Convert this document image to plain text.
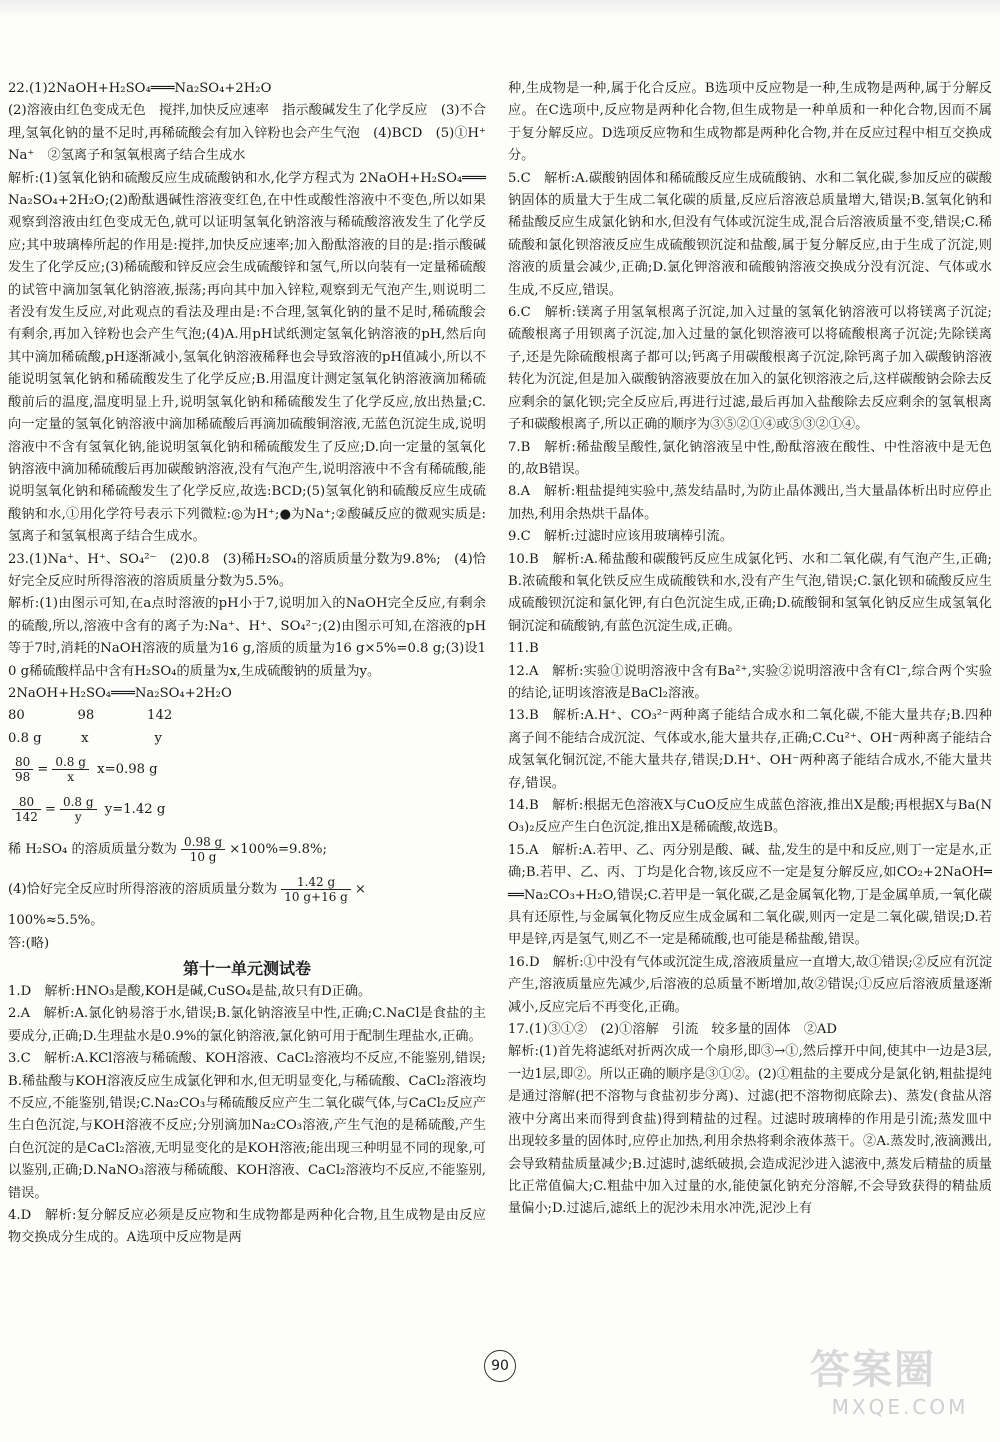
22.(1)2NaOH+H₂SO₄═══Na₂SO₄+2H₂O

(2)溶液由红色变成无色　搅拌,加快反应速率　指示酸碱发生了化学反应　(3)不合理,氢氧化钠的量不足时,再稀硫酸会有加入锌粉也会产生气泡　(4)BCD　(5)①H⁺　Na⁺　②氢离子和氢氧根离子结合生成水

解析:(1)氢氧化钠和硫酸反应生成硫酸钠和水,化学方程式为 2NaOH+H₂SO₄═══Na₂SO₄+2H₂O;(2)酚酞遇碱性溶液变红色,在中性或酸性溶液中不变色,所以如果观察到溶液由红色变成无色,就可以证明氢氧化钠溶液与稀硫酸溶液发生了化学反应;其中玻璃棒所起的作用是:搅拌,加快反应速率;加入酚酞溶液的目的是:指示酸碱发生了化学反应;(3)稀硫酸和锌反应会生成硫酸锌和氢气,所以向装有一定量稀硫酸的试管中滴加氢氧化钠溶液,振荡;再向其中加入锌粒,观察到无气泡产生,则说明二者没有发生反应,对此观点的看法及理由是:不合理,氢氧化钠的量不足时,稀硫酸会有剩余,再加入锌粉也会产生气泡;(4)A.用pH试纸测定氢氧化钠溶液的pH,然后向其中滴加稀硫酸,pH逐渐减小,氢氧化钠溶液稀释也会导致溶液的pH值减小,所以不能说明氢氧化钠和稀硫酸发生了化学反应;B.用温度计测定氢氧化钠溶液滴加稀硫酸前后的温度,温度明显上升,说明氢氧化钠和稀硫酸发生了化学反应,放出热量;C.向一定量的氢氧化钠溶液中滴加稀硫酸后再滴加硫酸铜溶液,无蓝色沉淀生成,说明溶液中不含有氢氧化钠,能说明氢氧化钠和稀硫酸发生了反应;D.向一定量的氢氧化钠溶液中滴加稀硫酸后再加碳酸钠溶液,没有气泡产生,说明溶液中不含有稀硫酸,能说明氢氧化钠和稀硫酸发生了化学反应,故选:BCD;(5)氢氧化钠和硫酸反应生成硫酸钠和水,①用化学符号表示下列微粒:◎为H⁺;●为Na⁺;②酸碱反应的微观实质是:氢离子和氢氧根离子结合生成水。

23.(1)Na⁺、H⁺、SO₄²⁻　(2)0.8　(3)稀H₂SO₄的溶质质量分数为9.8%;　(4)恰好完全反应时所得溶液的溶质质量分数为5.5%。

解析:(1)由图示可知,在a点时溶液的pH小于7,说明加入的NaOH完全反应,有剩余的硫酸,所以,溶液中含有的离子为:Na⁺、H⁺、SO₄²⁻;(2)由图示可知,在溶液的pH等于7时,消耗的NaOH溶液的质量为16 g,溶质的质量为16 g×5%=0.8 g;(3)设10 g稀硫酸样品中含有H₂SO₄的质量为x,生成硫酸钠的质量为y。

2NaOH+H₂SO₄═══Na₂SO₄+2H₂O
80　　　　98　　　　142
0.8 g　　　x　　　　　y
$\frac{80}{98} = \frac{0.8 g}{x} x=0.98$ g
$\frac{80}{142} = \frac{0.8 g}{y} y=1.42$ g
稀 H₂SO₄ 的溶质质量分数为 $\frac{0.98 g}{10 g} \times 100\%=9.8\%$;
(4)恰好完全反应时所得溶液的溶质质量分数为 $\frac{1.42 g}{10 g+16 g}$ ×
100%≈5.5%。
答:(略)
第十一单元测试卷

1.D　解析:HNO₃是酸,KOH是碱,CuSO₄是盐,故只有D正确。

2.A　解析:A.氯化钠易溶于水,错误;B.氯化钠溶液呈中性,正确;C.NaCl是食盐的主要成分,正确;D.生理盐水是0.9%的氯化钠溶液,氯化钠可用于配制生理盐水,正确。

3.C　解析:A.KCl溶液与稀硫酸、KOH溶液、CaCl₂溶液均不反应,不能鉴别,错误;B.稀盐酸与KOH溶液反应生成氯化钾和水,但无明显变化,与稀硫酸、CaCl₂溶液均不反应,不能鉴别,错误;C.Na₂CO₃与稀硫酸反应产生二氧化碳气体,与CaCl₂反应产生白色沉淀,与KOH溶液不反应;分别滴加Na₂CO₃溶液,产生气泡的是稀硫酸,产生白色沉淀的是CaCl₂溶液,无明显变化的是KOH溶液;能出现三种明显不同的现象,可以鉴别,正确;D.NaNO₃溶液与稀硫酸、KOH溶液、CaCl₂溶液均不反应,不能鉴别,错误。

4.D　解析:复分解反应必须是反应物和生成物都是两种化合物,且生成物是由反应物交换成分生成的。A选项中反应物是两

种,生成物是一种,属于化合反应。B选项中反应物是一种,生成物是两种,属于分解反应。在C选项中,反应物是两种化合物,但生成物是一种单质和一种化合物,因而不属于复分解反应。D选项反应物和生成物都是两种化合物,并在反应过程中相互交换成分。

5.C　解析:A.碳酸钠固体和稀硫酸反应生成硫酸钠、水和二氧化碳,参加反应的碳酸钠固体的质量大于生成二氧化碳的质量,反应后溶液总质量增大,错误;B.氢氧化钠和稀盐酸反应生成氯化钠和水,但没有气体或沉淀生成,混合后溶液质量不变,错误;C.稀硫酸和氯化钡溶液反应生成硫酸钡沉淀和盐酸,属于复分解反应,由于生成了沉淀,则溶液的质量会减少,正确;D.氯化钾溶液和硫酸钠溶液交换成分没有沉淀、气体或水生成,不反应,错误。

6.C　解析:镁离子用氢氧根离子沉淀,加入过量的氢氧化钠溶液可以将镁离子沉淀;硫酸根离子用钡离子沉淀,加入过量的氯化钡溶液可以将硫酸根离子沉淀;先除镁离子,还是先除硫酸根离子都可以;钙离子用碳酸根离子沉淀,除钙离子加入碳酸钠溶液转化为沉淀,但是加入碳酸钠溶液要放在加入的氯化钡溶液之后,这样碳酸钠会除去反应剩余的氯化钡;完全反应后,再进行过滤,最后再加入盐酸除去反应剩余的氢氧根离子和碳酸根离子,所以正确的顺序为③⑤②①④或⑤③②①④。

7.B　解析:稀盐酸呈酸性,氯化钠溶液呈中性,酚酞溶液在酸性、中性溶液中是无色的,故B错误。

8.A　解析:粗盐提纯实验中,蒸发结晶时,为防止晶体溅出,当大量晶体析出时应停止加热,利用余热烘干晶体。

9.C　解析:过滤时应该用玻璃棒引流。

10.B　解析:A.稀盐酸和碳酸钙反应生成氯化钙、水和二氧化碳,有气泡产生,正确;B.浓硫酸和氧化铁反应生成硫酸铁和水,没有产生气泡,错误;C.氯化钡和硫酸反应生成硫酸钡沉淀和氯化钾,有白色沉淀生成,正确;D.硫酸铜和氢氧化钠反应生成氢氧化铜沉淀和硫酸钠,有蓝色沉淀生成,正确。

11.B

12.A　解析:实验①说明溶液中含有Ba²⁺,实验②说明溶液中含有Cl⁻,综合两个实验的结论,证明该溶液是BaCl₂溶液。

13.B　解析:A.H⁺、CO₃²⁻两种离子能结合成水和二氧化碳,不能大量共存;B.四种离子间不能结合成沉淀、气体或水,能大量共存,正确;C.Cu²⁺、OH⁻两种离子能结合成氢氧化铜沉淀,不能大量共存,错误;D.H⁺、OH⁻两种离子能结合成水,不能大量共存,错误。

14.B　解析:根据无色溶液X与CuO反应生成蓝色溶液,推出X是酸;再根据X与Ba(NO₃)₂反应产生白色沉淀,推出X是稀硫酸,故选B。

15.A　解析:A.若甲、乙、丙分别是酸、碱、盐,发生的是中和反应,则丁一定是水,正确;B.若甲、乙、丙、丁均是化合物,该反应不一定是复分解反应,如CO₂+2NaOH═══Na₂CO₃+H₂O,错误;C.若甲是一氧化碳,乙是金属氧化物,丁是金属单质,一氧化碳具有还原性,与金属氧化物反应生成金属和二氧化碳,则丙一定是二氧化碳,错误;D.若甲是锌,丙是氢气,则乙不一定是稀硫酸,也可能是稀盐酸,错误。

16.D　解析:①中没有气体或沉淀生成,溶液质量应一直增大,故①错误;②反应有沉淀产生,溶液质量应先减少,后溶液的总质量不断增加,故②错误;①反应后溶液质量逐渐减小,反应完后不再变化,正确。

17.(1)③①②　(2)①溶解　引流　较多量的固体　②AD

解析:(1)首先将滤纸对折两次成一个扇形,即③→①,然后撑开中间,使其中一边是3层,一边1层,即②。所以正确的顺序是③①②。(2)①粗盐的主要成分是氯化钠,粗盐提纯是通过溶解(把不溶物与食盐初步分离)、过滤(把不溶物彻底除去)、蒸发(食盐从溶液中分离出来而得到食盐)得到精盐的过程。过滤时玻璃棒的作用是引流;蒸发皿中出现较多量的固体时,应停止加热,利用余热将剩余液体蒸干。②A.蒸发时,液滴溅出,会导致精盐质量减少;B.过滤时,滤纸破损,会造成泥沙进入滤液中,蒸发后精盐的质量比正常值偏大;C.粗盐中加入过量的水,能使氯化钠充分溶解,不会导致获得的精盐质量偏小;D.过滤后,滤纸上的泥沙未用水冲洗,泥沙上有

90	答案圈
MXQE.COM
